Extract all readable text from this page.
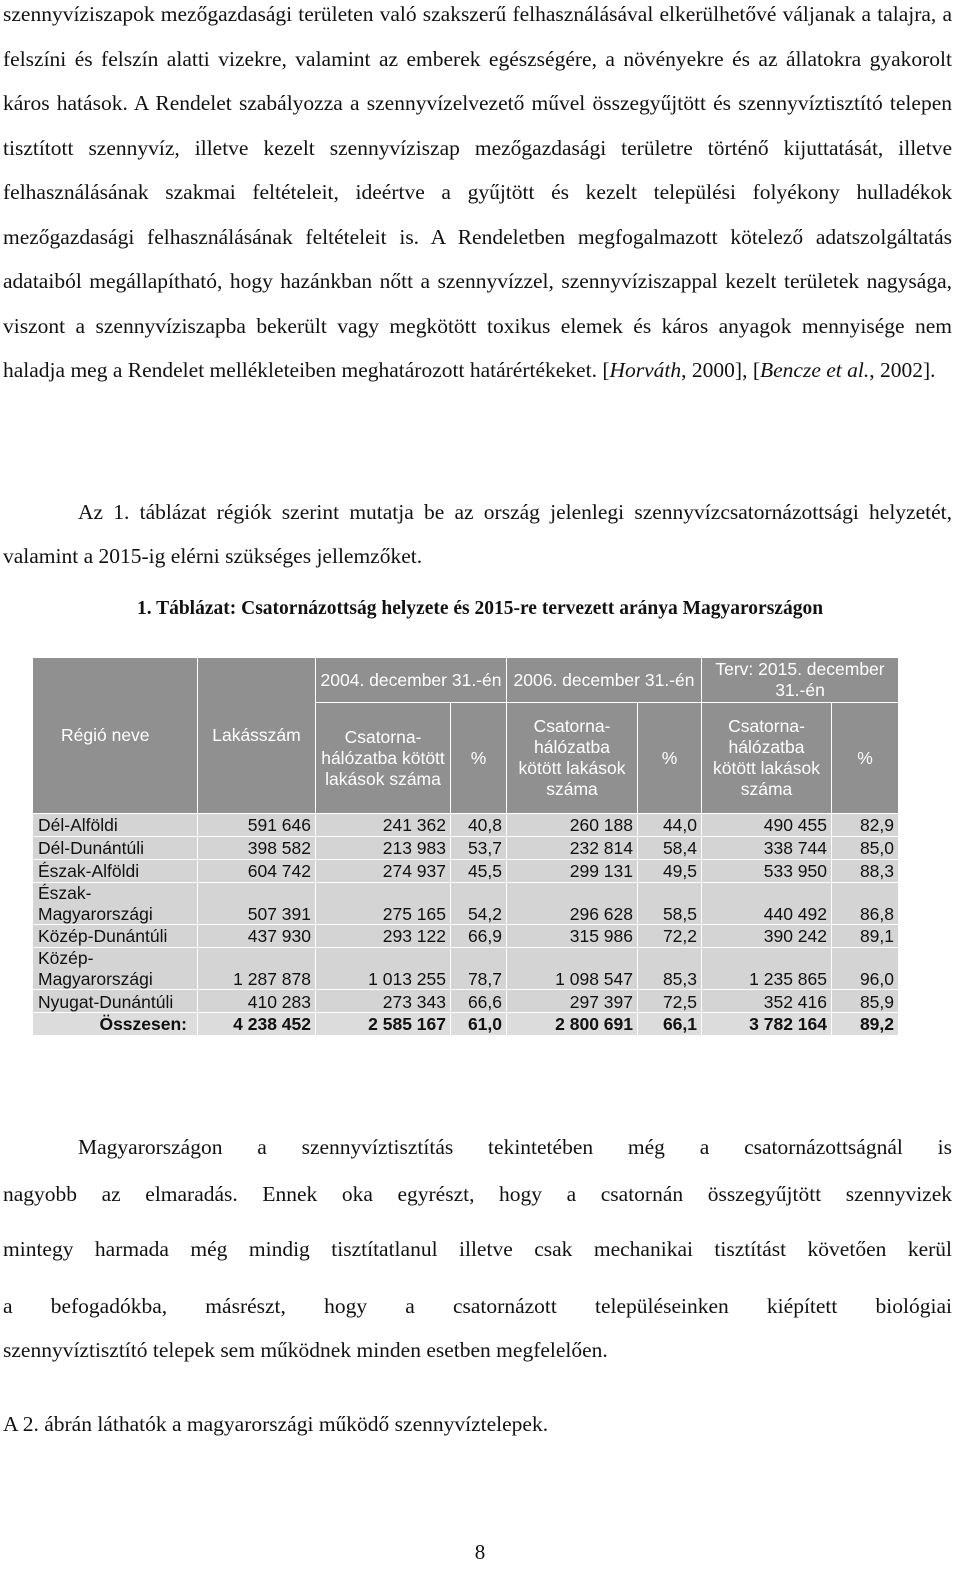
szennyvíziszapok mezőgazdasági területen való szakszerű felhasználásával elkerülhetővé váljanak a talajra, a felszíni és felszín alatti vizekre, valamint az emberek egészségére, a növényekre és az állatokra gyakorolt káros hatások. A Rendelet szabályozza a szennyvízelvezető művel összegyűjtött és szennyvíztisztító telepen tisztított szennyvíz, illetve kezelt szennyvíziszap mezőgazdasági területre történő kijuttatását, illetve felhasználásának szakmai feltételeit, ideértve a gyűjtött és kezelt települési folyékony hulladékok mezőgazdasági felhasználásának feltételeit is. A Rendeletben megfogalmazott kötelező adatszolgáltatás adataiból megállapítható, hogy hazánkban nőtt a szennyvízzel, szennyvíziszappal kezelt területek nagysága, viszont a szennyvíziszapba bekerült vagy megkötött toxikus elemek és káros anyagok mennyisége nem haladja meg a Rendelet mellékleteiben meghatározott határértékeket. [Horváth, 2000], [Bencze et al., 2002].
Az 1. táblázat régiók szerint mutatja be az ország jelenlegi szennyvízcsatornázottsági helyzetét, valamint a 2015-ig elérni szükséges jellemzőket.
1. Táblázat: Csatornázottság helyzete és 2015-re tervezett aránya Magyarországon
Régió neve	Lakásszám	2004. december 31.-én		2006. december 31.-én		Terv: 2015. december 31.-én	
		Csatorna-hálózatba kötött lakások száma	%	Csatorna-hálózatba kötött lakások száma	%	Csatorna-hálózatba kötött lakások száma	%
Dél-Alföldi	591 646	241 362	40,8	260 188	44,0	490 455	82,9
Dél-Dunántúli	398 582	213 983	53,7	232 814	58,4	338 744	85,0
Észak-Alföldi	604 742	274 937	45,5	299 131	49,5	533 950	88,3
Észak-Magyarországi	507 391	275 165	54,2	296 628	58,5	440 492	86,8
Közép-Dunántúli	437 930	293 122	66,9	315 986	72,2	390 242	89,1
Közép-Magyarországi	1 287 878	1 013 255	78,7	1 098 547	85,3	1 235 865	96,0
Nyugat-Dunántúli	410 283	273 343	66,6	297 397	72,5	352 416	85,9
Összesen:	4 238 452	2 585 167	61,0	2 800 691	66,1	3 782 164	89,2
Magyarországon a szennyvíztisztítás tekintetében még a csatornázottságnál is
nagyobb az elmaradás. Ennek oka egyrészt, hogy a csatornán összegyűjtött szennyvizek
mintegy harmada még mindig tisztítatlanul illetve csak mechanikai tisztítást követően kerül
a befogadókba, másrészt, hogy a csatornázott településeinken kiépített biológiai
szennyvíztisztító telepek sem működnek minden esetben megfelelően.
A 2. ábrán láthatók a magyarországi működő szennyvíztelepek.
8
